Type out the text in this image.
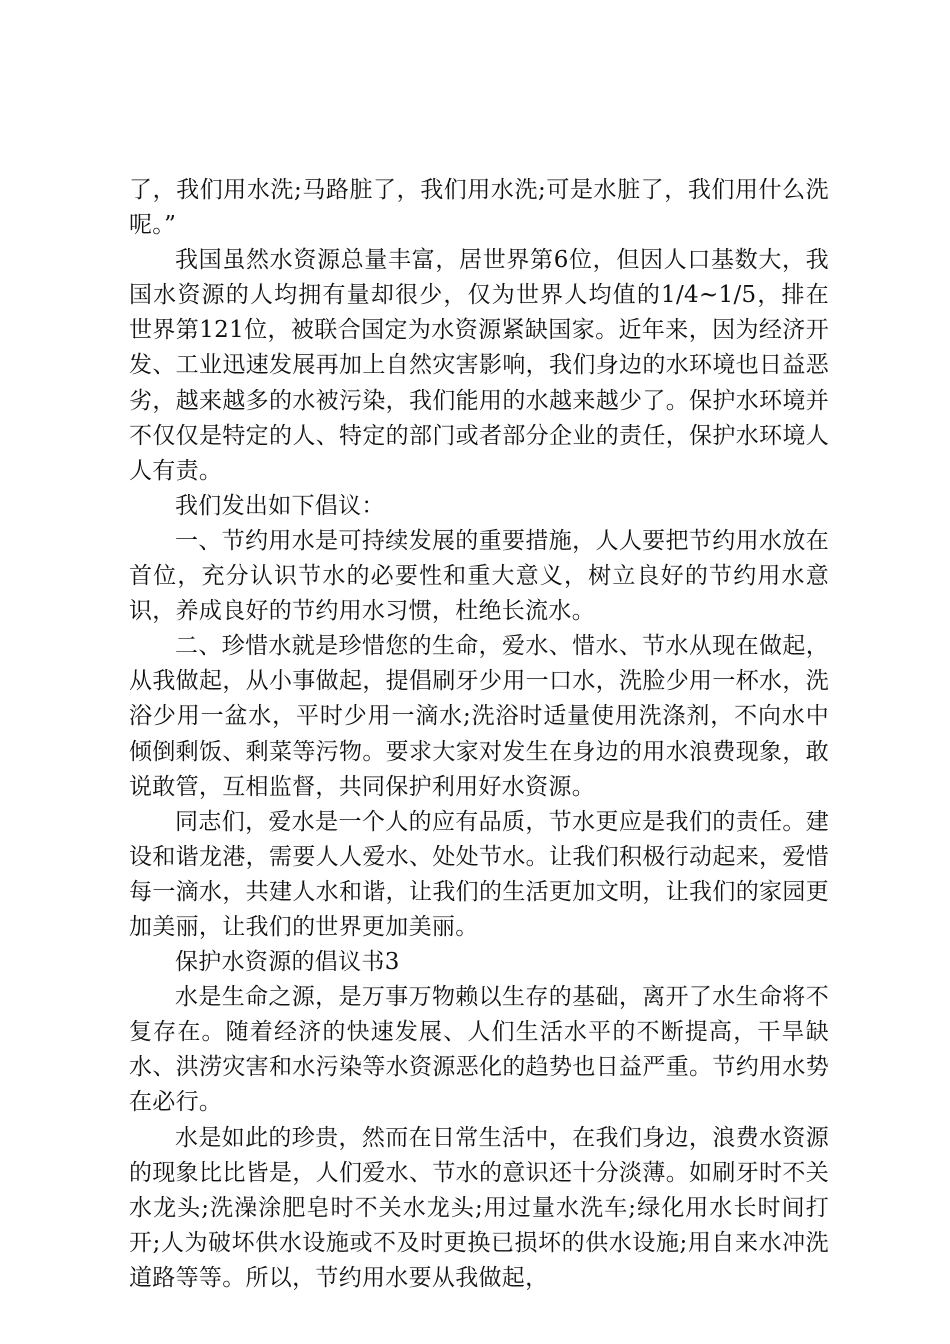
了，我们用水洗;马路脏了，我们用水洗;可是水脏了，我们用什么洗呢。”

我国虽然水资源总量丰富，居世界第6位，但因人口基数大，我国水资源的人均拥有量却很少，仅为世界人均值的1/4~1/5，排在世界第121位，被联合国定为水资源紧缺国家。近年来，因为经济开发、工业迅速发展再加上自然灾害影响，我们身边的水环境也日益恶劣，越来越多的水被污染，我们能用的水越来越少了。保护水环境并不仅仅是特定的人、特定的部门或者部分企业的责任，保护水环境人人有责。

我们发出如下倡议：

一、节约用水是可持续发展的重要措施，人人要把节约用水放在首位，充分认识节水的必要性和重大意义，树立良好的节约用水意识，养成良好的节约用水习惯，杜绝长流水。

二、珍惜水就是珍惜您的生命，爱水、惜水、节水从现在做起，从我做起，从小事做起，提倡刷牙少用一口水，洗脸少用一杯水，洗浴少用一盆水，平时少用一滴水;洗浴时适量使用洗涤剂，不向水中倾倒剩饭、剩菜等污物。要求大家对发生在身边的用水浪费现象，敢说敢管，互相监督，共同保护利用好水资源。

同志们，爱水是一个人的应有品质，节水更应是我们的责任。建设和谐龙港，需要人人爱水、处处节水。让我们积极行动起来，爱惜每一滴水，共建人水和谐，让我们的生活更加文明，让我们的家园更加美丽，让我们的世界更加美丽。

保护水资源的倡议书3

水是生命之源，是万事万物赖以生存的基础，离开了水生命将不复存在。随着经济的快速发展、人们生活水平的不断提高，干旱缺水、洪涝灾害和水污染等水资源恶化的趋势也日益严重。节约用水势在必行。

水是如此的珍贵，然而在日常生活中，在我们身边，浪费水资源的现象比比皆是，人们爱水、节水的意识还十分淡薄。如刷牙时不关水龙头;洗澡涂肥皂时不关水龙头;用过量水洗车;绿化用水长时间打开;人为破坏供水设施或不及时更换已损坏的供水设施;用自来水冲洗道路等等。所以，节约用水要从我做起，
